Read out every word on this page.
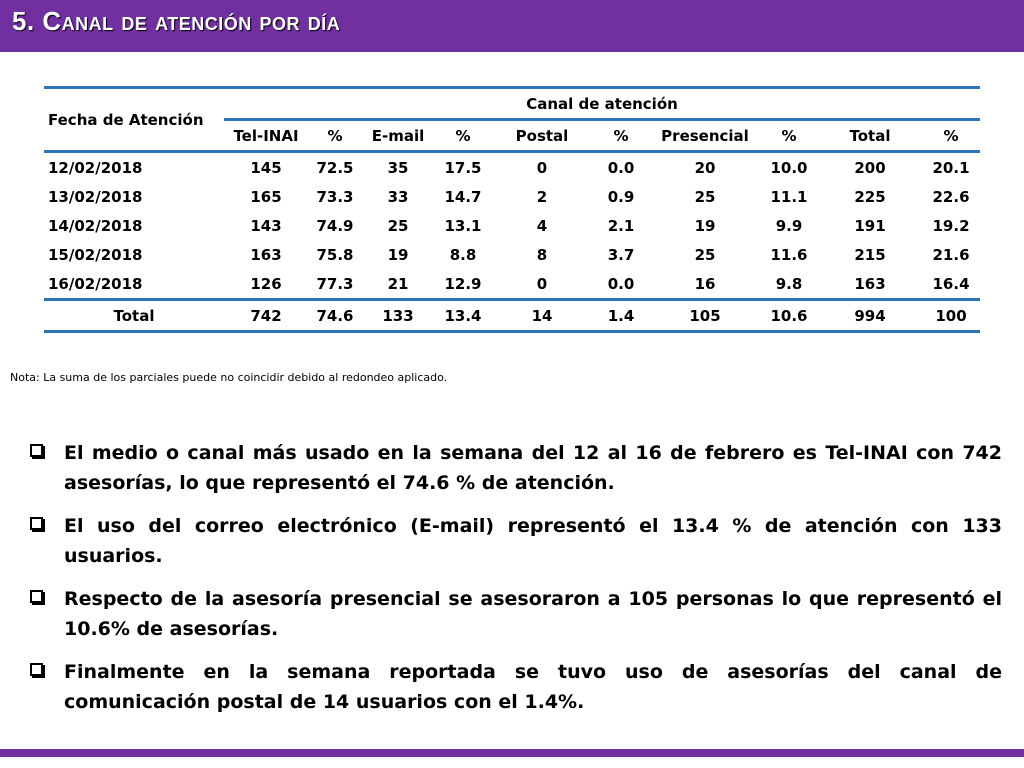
5. Canal de atención por día
Fecha de Atención	Canal de atención									
	Tel-INAI	%	E-mail	%	Postal	%	Presencial	%	Total	%
12/02/2018	145	72.5	35	17.5	0	0.0	20	10.0	200	20.1
13/02/2018	165	73.3	33	14.7	2	0.9	25	11.1	225	22.6
14/02/2018	143	74.9	25	13.1	4	2.1	19	9.9	191	19.2
15/02/2018	163	75.8	19	8.8	8	3.7	25	11.6	215	21.6
16/02/2018	126	77.3	21	12.9	0	0.0	16	9.8	163	16.4
Total	742	74.6	133	13.4	14	1.4	105	10.6	994	100
Nota: La suma de los parciales puede no coincidir debido al redondeo aplicado.
El medio o canal más usado en la semana del 12 al 16 de febrero es Tel-INAI con 742 asesorías, lo que representó el 74.6 % de atención.
El uso del correo electrónico (E-mail) representó el 13.4 % de atención con 133 usuarios.
Respecto de la asesoría presencial se asesoraron a 105 personas lo que representó el 10.6% de asesorías.
Finalmente en la semana reportada se tuvo uso de asesorías del canal de comunicación postal de 14 usuarios con el 1.4%.
